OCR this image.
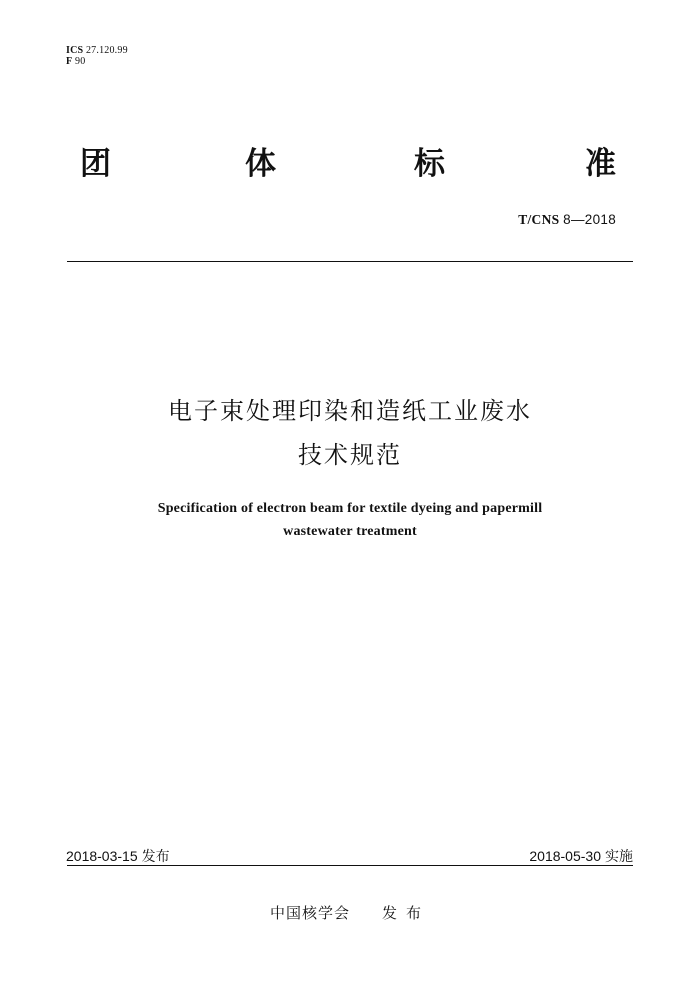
ICS 27.120.99
F 90
团	体	标	准
T/CNS 8—2018
电子束处理印染和造纸工业废水
技术规范
Specification of electron beam for textile dyeing and papermill
wastewater treatment
2018-03-15 发布	2018-05-30 实施
中国核学会 发布
